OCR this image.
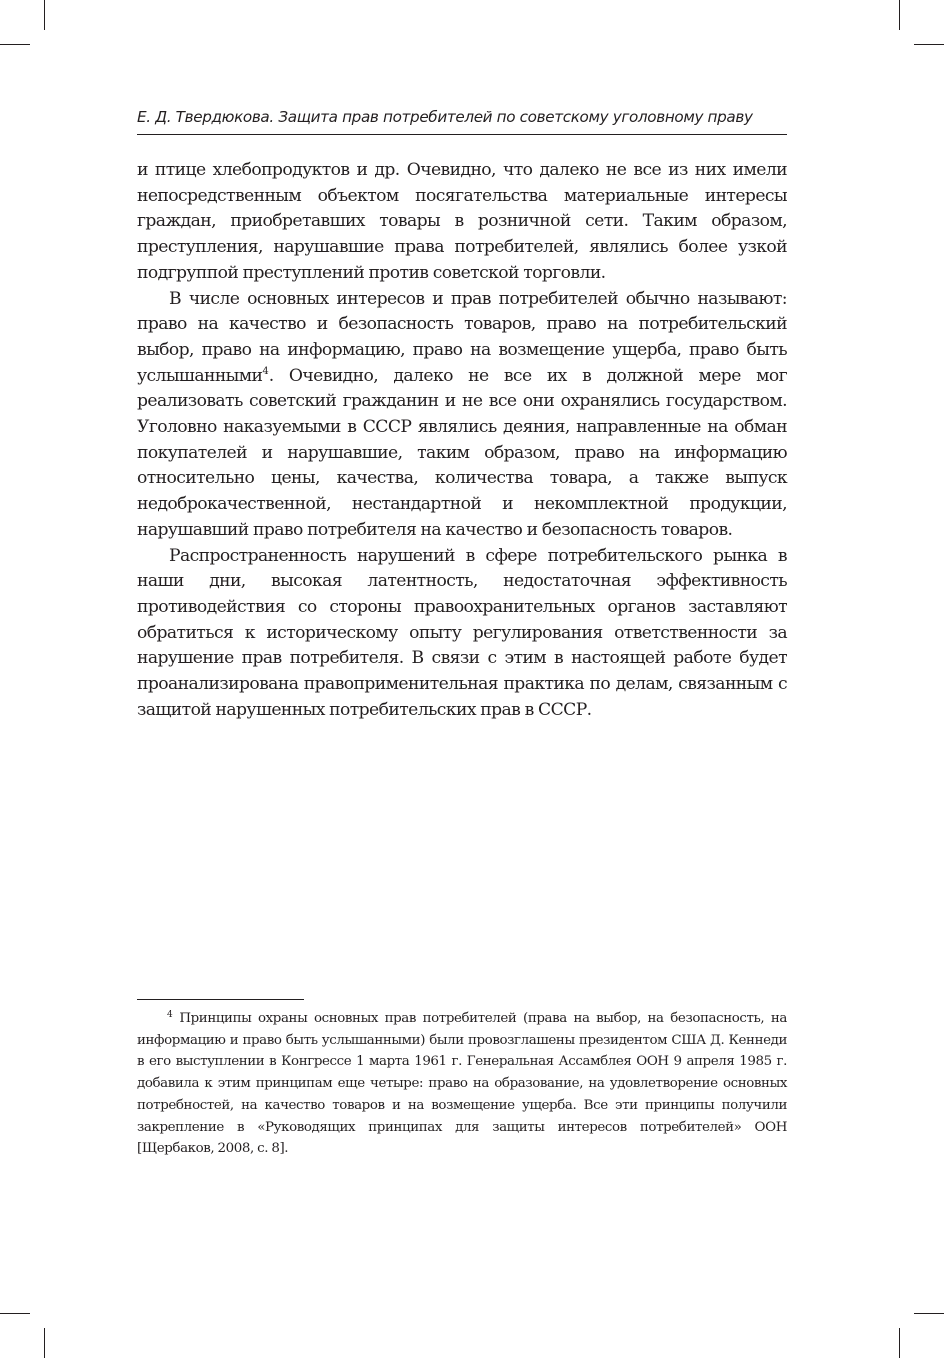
Е. Д. Твердюкова. Защита прав потребителей по советскому уголовному праву

и птице хлебопродуктов и др. Очевидно, что далеко не все из них имели непосредственным объектом посягательства материальные интересы граждан, приобретавших товары в розничной сети. Таким образом, преступления, нарушавшие права потребителей, являлись более узкой подгруппой преступлений против советской торговли.

В числе основных интересов и прав потребителей обычно называют: право на качество и безопасность товаров, право на потребительский выбор, право на информацию, право на возмещение ущерба, право быть услышанными$^4$. Очевидно, далеко не все их в должной мере мог реализовать советский гражданин и не все они охранялись государством. Уголовно наказуемыми в СССР являлись деяния, направленные на обман покупателей и нарушавшие, таким образом, право на информацию относительно цены, качества, количества товара, а также выпуск недоброкачественной, нестандартной и некомплектной продукции, нарушавший право потребителя на качество и безопасность товаров.

Распространенность нарушений в сфере потребительского рынка в наши дни, высокая латентность, недостаточная эффективность противодействия со стороны правоохранительных органов заставляют обратиться к историческому опыту регулирования ответственности за нарушение прав потребителя. В связи с этим в настоящей работе будет проанализирована правоприменительная практика по делам, связанным с защитой нарушенных потребительских прав в СССР.

$^4$ Принципы охраны основных прав потребителей (права на выбор, на безопасность, на информацию и право быть услышанными) были провозглашены президентом США Д. Кеннеди в его выступлении в Конгрессе 1 марта 1961 г. Генеральная Ассамблея ООН 9 апреля 1985 г. добавила к этим принципам еще четыре: право на образование, на удовлетворение основных потребностей, на качество товаров и на возмещение ущерба. Все эти принципы получили закрепление в «Руководящих принципах для защиты интересов потребителей» ООН [Щербаков, 2008, с. 8].
